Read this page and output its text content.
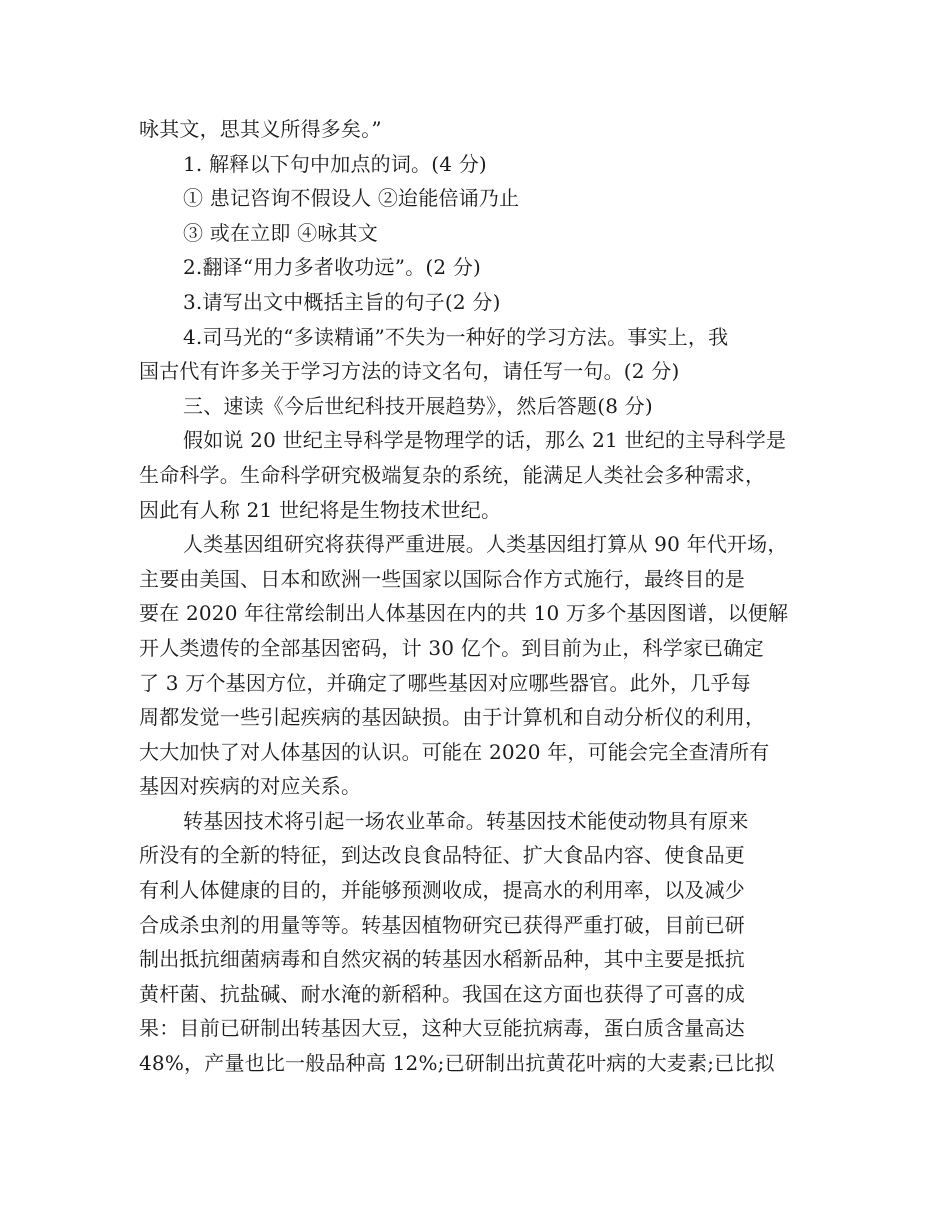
咏其文，思其义所得多矣。”
1. 解释以下句中加点的词。(4 分)
① 患记咨询不假设人 ②迨能倍诵乃止
③ 或在立即 ④咏其文
2.翻译“用力多者收功远”。(2 分)
3.请写出文中概括主旨的句子(2 分)
4.司马光的“多读精诵”不失为一种好的学习方法。事实上，我
国古代有许多关于学习方法的诗文名句，请任写一句。(2 分)
三、速读《今后世纪科技开展趋势》，然后答题(8 分)
假如说 20 世纪主导科学是物理学的话，那么 21 世纪的主导科学是
生命科学。生命科学研究极端复杂的系统，能满足人类社会多种需求，
因此有人称 21 世纪将是生物技术世纪。
人类基因组研究将获得严重进展。人类基因组打算从 90 年代开场，
主要由美国、日本和欧洲一些国家以国际合作方式施行，最终目的是
要在 2020 年往常绘制出人体基因在内的共 10 万多个基因图谱，以便解
开人类遗传的全部基因密码，计 30 亿个。到目前为止，科学家已确定
了 3 万个基因方位，并确定了哪些基因对应哪些器官。此外，几乎每
周都发觉一些引起疾病的基因缺损。由于计算机和自动分析仪的利用，
大大加快了对人体基因的认识。可能在 2020 年，可能会完全查清所有
基因对疾病的对应关系。
转基因技术将引起一场农业革命。转基因技术能使动物具有原来
所没有的全新的特征，到达改良食品特征、扩大食品内容、使食品更
有利人体健康的目的，并能够预测收成，提高水的利用率，以及减少
合成杀虫剂的用量等等。转基因植物研究已获得严重打破，目前已研
制出抵抗细菌病毒和自然灾祸的转基因水稻新品种，其中主要是抵抗
黄杆菌、抗盐碱、耐水淹的新稻种。我国在这方面也获得了可喜的成
果：目前已研制出转基因大豆，这种大豆能抗病毒，蛋白质含量高达
48%，产量也比一般品种高 12%;已研制出抗黄花叶病的大麦素;已比拟
